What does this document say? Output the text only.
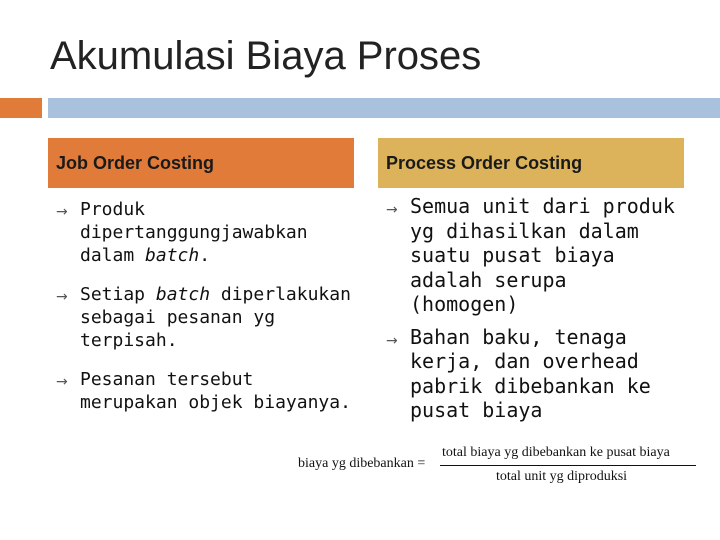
Akumulasi Biaya Proses
Job Order Costing	Process Order Costing
→ Produk dipertanggungjawabkan dalam batch.
→ Setiap batch diperlakukan sebagai pesanan yg terpisah.
→ Pesanan tersebut merupakan objek biayanya.
→ Semua unit dari produk yg dihasilkan dalam suatu pusat biaya adalah serupa (homogen)
→ Bahan baku, tenaga kerja, dan overhead pabrik dibebankan ke pusat biaya
biaya yg dibebankan =
total biaya yg dibebankan ke pusat biaya
total unit yg diproduksi
